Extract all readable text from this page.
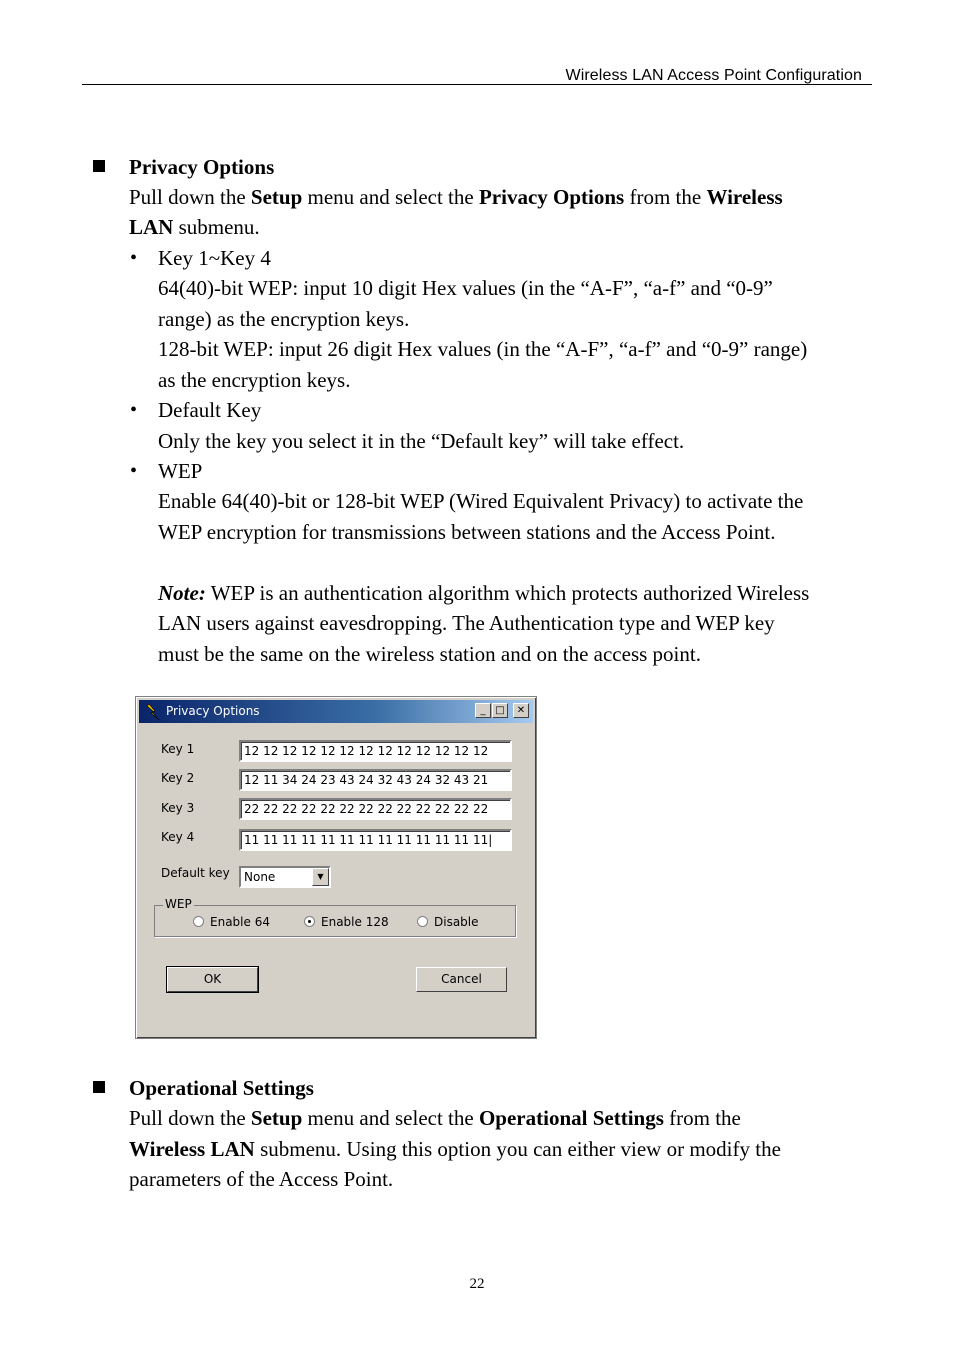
Wireless LAN Access Point Configuration
Privacy Options
Pull down the Setup menu and select the Privacy Options from the Wireless
LAN submenu.
• Key 1~Key 4
64(40)-bit WEP: input 10 digit Hex values (in the “A-F”, “a-f” and “0-9”
range) as the encryption keys.
128-bit WEP: input 26 digit Hex values (in the “A-F”, “a-f” and “0-9” range)
as the encryption keys.
• Default Key
Only the key you select it in the “Default key” will take effect.
• WEP
Enable 64(40)-bit or 128-bit WEP (Wired Equivalent Privacy) to activate the
WEP encryption for transmissions between stations and the Access Point.
Note: WEP is an authentication algorithm which protects authorized Wireless
LAN users against eavesdropping. The Authentication type and WEP key
must be the same on the wireless station and on the access point.
Privacy Options	_ □	✕
Key 1	12 12 12 12 12 12 12 12 12 12 12 12 12
Key 2	12 11 34 24 23 43 24 32 43 24 32 43 21
Key 3	22 22 22 22 22 22 22 22 22 22 22 22 22
Key 4	11 11 11 11 11 11 11 11 11 11 11 11 11|
Default key	None	▼
WEP
Enable 64	Enable 128	Disable
OK	Cancel
Operational Settings
Pull down the Setup menu and select the Operational Settings from the
Wireless LAN submenu. Using this option you can either view or modify the
parameters of the Access Point.
22
